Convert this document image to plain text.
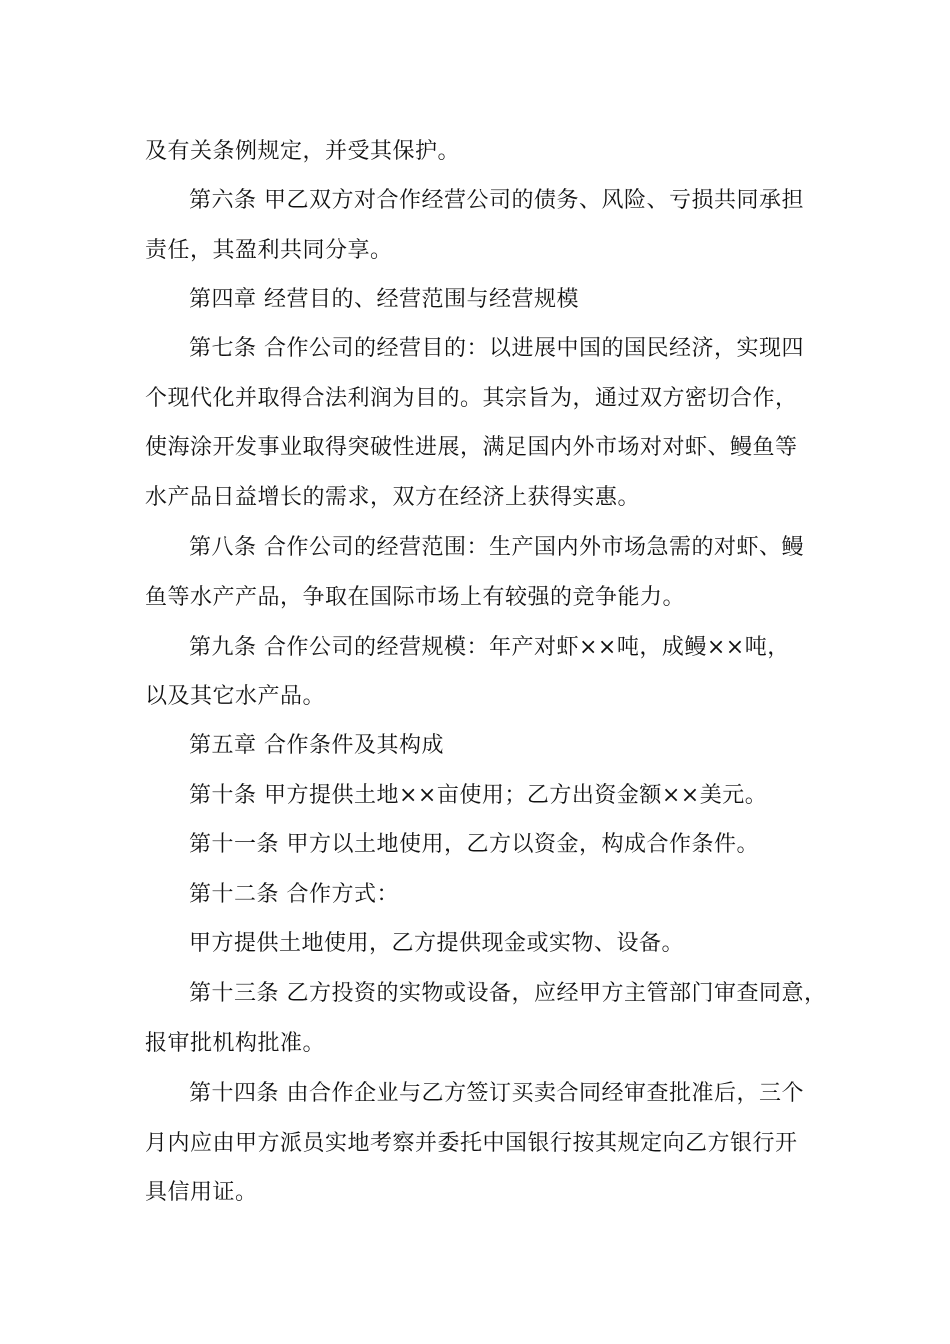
及有关条例规定，并受其保护。
第六条 甲乙双方对合作经营公司的债务、风险、亏损共同承担
责任，其盈利共同分享。
第四章 经营目的、经营范围与经营规模
第七条 合作公司的经营目的：以进展中国的国民经济，实现四
个现代化并取得合法利润为目的。其宗旨为，通过双方密切合作，
使海涂开发事业取得突破性进展，满足国内外市场对对虾、鳗鱼等
水产品日益增长的需求，双方在经济上获得实惠。
第八条 合作公司的经营范围：生产国内外市场急需的对虾、鳗
鱼等水产产品，争取在国际市场上有较强的竞争能力。
第九条 合作公司的经营规模：年产对虾××吨，成鳗××吨，
以及其它水产品。
第五章 合作条件及其构成
第十条 甲方提供土地××亩使用；乙方出资金额××美元。
第十一条 甲方以土地使用，乙方以资金，构成合作条件。
第十二条 合作方式：
甲方提供土地使用，乙方提供现金或实物、设备。
第十三条 乙方投资的实物或设备，应经甲方主管部门审查同意，
报审批机构批准。
第十四条 由合作企业与乙方签订买卖合同经审查批准后，三个
月内应由甲方派员实地考察并委托中国银行按其规定向乙方银行开
具信用证。
